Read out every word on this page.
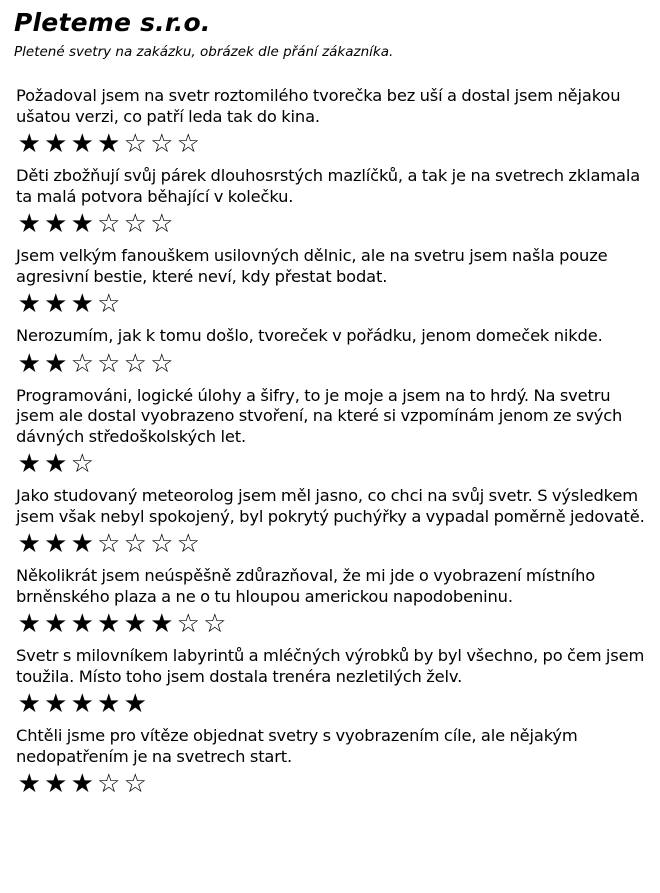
Pleteme s.r.o.

Pletené svetry na zakázku, obrázek dle přání zákazníka.

Požadoval jsem na svetr roztomilého tvorečka bez uší a dostal jsem nějakou ušatou verzi, co patří leda tak do kina.

★ ★ ★ ★ ☆ ☆ ☆

Děti zbožňují svůj párek dlouhosrstých mazlíčků, a tak je na svetrech zklamala ta malá potvora běhající v kolečku.

★ ★ ★ ☆ ☆ ☆

Jsem velkým fanouškem usilovných dělnic, ale na svetru jsem našla pouze agresivní bestie, které neví, kdy přestat bodat.

★ ★ ★ ☆

Nerozumím, jak k tomu došlo, tvoreček v pořádku, jenom domeček nikde.

★ ★ ☆ ☆ ☆ ☆

Programováni, logické úlohy a šifry, to je moje a jsem na to hrdý. Na svetru jsem ale dostal vyobrazeno stvoření, na které si vzpomínám jenom ze svých dávných středoškolských let.

★ ★ ☆

Jako studovaný meteorolog jsem měl jasno, co chci na svůj svetr. S výsledkem jsem však nebyl spokojený, byl pokrytý puchýřky a vypadal poměrně jedovatě.

★ ★ ★ ☆ ☆ ☆ ☆

Několikrát jsem neúspěšně zdůrazňoval, že mi jde o vyobrazení místního brněnského plaza a ne o tu hloupou americkou napodobeninu.

★ ★ ★ ★ ★ ★ ☆ ☆

Svetr s milovníkem labyrintů a mléčných výrobků by byl všechno, po čem jsem toužila. Místo toho jsem dostala trenéra nezletilých želv.

★ ★ ★ ★ ★

Chtěli jsme pro vítěze objednat svetry s vyobrazením cíle, ale nějakým nedopatřením je na svetrech start.

★ ★ ★ ☆ ☆
